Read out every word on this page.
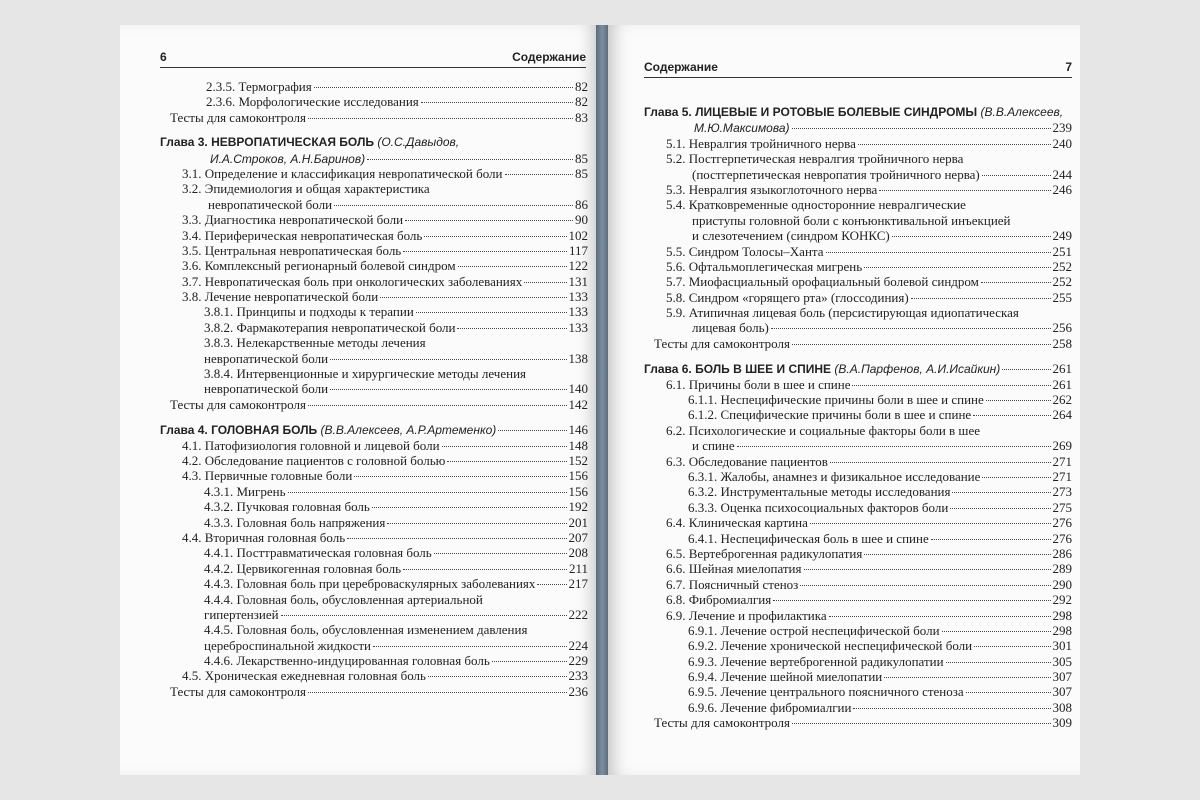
6	Содержание
2.3.5. Термография	82
2.3.6. Морфологические исследования	82
Тесты для самоконтроля	83
Глава 3. НЕВРОПАТИЧЕСКАЯ БОЛЬ (О.С.Давыдов,
И.А.Строков, А.Н.Баринов)	85
3.1. Определение и классификация невропатической боли	85
3.2. Эпидемиология и общая характеристика
невропатической боли	86
3.3. Диагностика невропатической боли	90
3.4. Периферическая невропатическая боль	102
3.5. Центральная невропатическая боль	117
3.6. Комплексный регионарный болевой синдром	122
3.7. Невропатическая боль при онкологических заболеваниях	131
3.8. Лечение невропатической боли	133
3.8.1. Принципы и подходы к терапии	133
3.8.2. Фармакотерапия невропатической боли	133
3.8.3. Нелекарственные методы лечения
невропатической боли	138
3.8.4. Интервенционные и хирургические методы лечения
невропатической боли	140
Тесты для самоконтроля	142
Глава 4. ГОЛОВНАЯ БОЛЬ (В.В.Алексеев, А.Р.Артеменко)	146
4.1. Патофизиология головной и лицевой боли	148
4.2. Обследование пациентов с головной болью	152
4.3. Первичные головные боли	156
4.3.1. Мигрень	156
4.3.2. Пучковая головная боль	192
4.3.3. Головная боль напряжения	201
4.4. Вторичная головная боль	207
4.4.1. Посттравматическая головная боль	208
4.4.2. Цервикогенная головная боль	211
4.4.3. Головная боль при цереброваскулярных заболеваниях	217
4.4.4. Головная боль, обусловленная артериальной
гипертензией	222
4.4.5. Головная боль, обусловленная изменением давления
цереброспинальной жидкости	224
4.4.6. Лекарственно-индуцированная головная боль	229
4.5. Хроническая ежедневная головная боль	233
Тесты для самоконтроля	236
Содержание	7
Глава 5. ЛИЦЕВЫЕ И РОТОВЫЕ БОЛЕВЫЕ СИНДРОМЫ (В.В.Алексеев,
М.Ю.Максимова)	239
5.1. Невралгия тройничного нерва	240
5.2. Постгерпетическая невралгия тройничного нерва
(постгерпетическая невропатия тройничного нерва)	244
5.3. Невралгия языкоглоточного нерва	246
5.4. Кратковременные односторонние невралгические
приступы головной боли с конъюнктивальной инъекцией
и слезотечением (синдром КОНКС)	249
5.5. Синдром Толосы–Ханта	251
5.6. Офтальмоплегическая мигрень	252
5.7. Миофасциальный орофациальный болевой синдром	252
5.8. Синдром «горящего рта» (глоссодиния)	255
5.9. Атипичная лицевая боль (персистирующая идиопатическая
лицевая боль)	256
Тесты для самоконтроля	258
Глава 6. БОЛЬ В ШЕЕ И СПИНЕ (В.А.Парфенов, А.И.Исайкин)	261
6.1. Причины боли в шее и спине	261
6.1.1. Неспецифические причины боли в шее и спине	262
6.1.2. Специфические причины боли в шее и спине	264
6.2. Психологические и социальные факторы боли в шее
и спине	269
6.3. Обследование пациентов	271
6.3.1. Жалобы, анамнез и физикальное исследование	271
6.3.2. Инструментальные методы исследования	273
6.3.3. Оценка психосоциальных факторов боли	275
6.4. Клиническая картина	276
6.4.1. Неспецифическая боль в шее и спине	276
6.5. Вертеброгенная радикулопатия	286
6.6. Шейная миелопатия	289
6.7. Поясничный стеноз	290
6.8. Фибромиалгия	292
6.9. Лечение и профилактика	298
6.9.1. Лечение острой неспецифической боли	298
6.9.2. Лечение хронической неспецифической боли	301
6.9.3. Лечение вертеброгенной радикулопатии	305
6.9.4. Лечение шейной миелопатии	307
6.9.5. Лечение центрального поясничного стеноза	307
6.9.6. Лечение фибромиалгии	308
Тесты для самоконтроля	309
